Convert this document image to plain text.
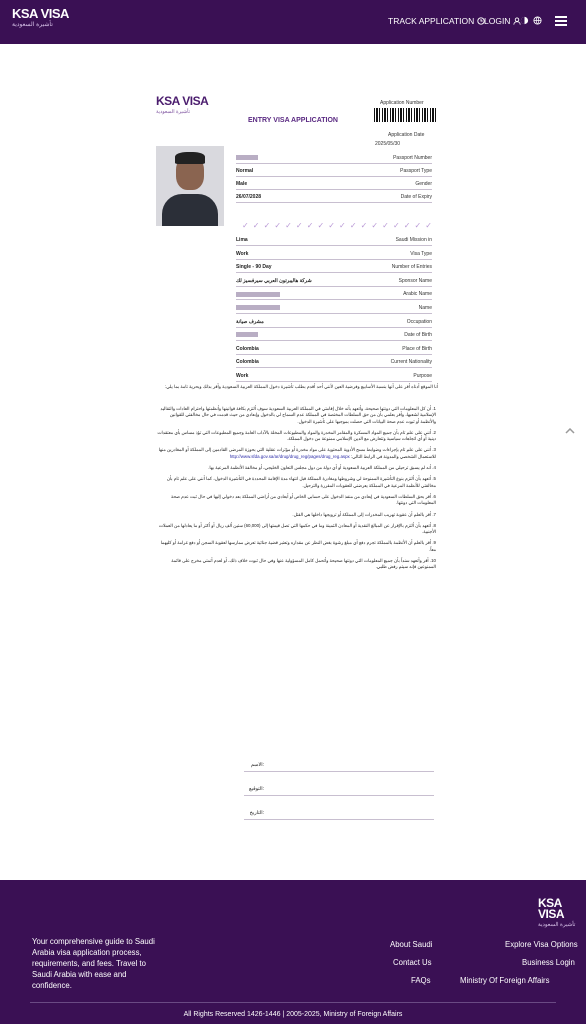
KSA VISA
تأشيرة السعودية	TRACK APPLICATION LOGIN
KSA VISA
تأشيرة السعودية
ENTRY VISA APPLICATION
Application Number
Application Date
2025/05/30
Passport Number
Normal	Passport Type
Male	Gender
26/07/2028	Date of Expiry
✓ ✓ ✓ ✓ ✓ ✓ ✓ ✓ ✓ ✓ ✓ ✓ ✓ ✓ ✓ ✓ ✓ ✓
Lima	Saudi Mission in
Work	Visa Type
Single - 90 Day	Number of Entries
شركة هاليبرتون العربي سيرفسيز لك	Sponsor Name
Arabic Name
Name
مشرف صيانة	Occupation
Date of Birth
Colombia	Place of Birth
Colombia	Current Nationality
Work	Purpose
أنا الموقع أدناه أقر على أنها بنسبة الأسابيع وفرضية العين لأنني أحد أقدم بطلب تأشيرة دخول المملكة العربية السعودية وأقر بذلك وبحرية تامة بما يلي:
1. أن كل المعلومات التي دونتها صحيحة، وأتعهد بأنه خلال إقامتي في المملكة العربية السعودية سوف ألتزم بكافة قوانينها وأنظمتها واحترام العادات والتقاليد الإسلامية لشعبها، وأقر بعلمي بأن من حق السلطات المختصة في المملكة عدم السماح لي بالدخول وإبعادي من حيث قدمت في حال مخالفتي للقوانين والأنظمة أو ثبوت عدم صحة البيانات التي حصلت بموجبها على تأشيرة الدخول.
2. أنني على علم تام بأن جميع المواد المسكرة والمقامر المخدرة والمواد والمطبوعات المخلة بالآداب العامة وجميع المطبوعات التي تؤذ مساس بأي معتقدات دينية أو أي اتجاهات سياسية وتتعارض مع الدين الإسلامي ممنوعة من دخول المملكة.
3. أنني على علم تام بإجراءات وضوابط مسح الأدوية المحتوية على مواد مخدرة أو مؤثرات عقلية التي بحوزة المرضى القادمين إلى المملكة أو المغادرين منها للاستعمال الشخصي والمدونة في الرابط التالي: http://www.sfda.gov.sa/ar/drug/drug_reg/pages/drug_reg.aspx
4. أنه لم يسبق ترحيلي من المملكة العربية السعودية أو أي دولة من دول مجلس التعاون الخليجي، أو مخالفة الأنظمة المرعية بها.
5. أتعهد بأن ألتزم بنوع التأشيرة الممنوحة لي وشروطها ومغادرة المملكة قبل انتهاء مدة الإقامة المحددة في التأشيرة الدخول، كما أنني على علم تام بأن مخالفتي للأنظمة المرعية في المملكة يعرضني للعقوبات المقررة والترحيل.
6. أقر بحق السلطات السعودية في إبعادي من منفذ الدخول على حسابي الخاص أو أبعادي من أراضي المملكة بعد دخولي إليها في حال ثبت عدم صحة المعلومات التي دونتها.
7. أقر بالعلم أن عقوبة تهريب المخدرات إلى المملكة أو ترويجها داخلها هي القتل.
8. أتعهد بأن ألتزم بالإقرار عن المبالغ النقدية أو المعادن الثمينة وما في حكمها التي تصل قيمتها إلى (60,000) ستين ألف ريال أو أكثر أو ما يعادلها من العملات الأجنبية.
9. أقر بالعلم أن الأنظمة بالمملكة تجرم دفع أي مبلغ رشوة بغض النظر عن مقداره وتعتبر قضية جنائية تعرض ممارسها لعقوبة السجن أو دفع غرامة أو كليهما معاً.
10. أقر وأتعهد سنداً بأن جميع المعلومات التي دونتها صحيحة وأتحمل كامل المسؤولية عنها وفي حال ثبوت خلاف ذلك، أو لعدم أتمتي مخرج على قائمة الممنوعين فإنه سيتم رفض طلبي.
الاسم:
التوقيع:
التاريخ:
KSA VISA
تأشيرة السعودية
Your comprehensive guide to Saudi Arabia visa application process, requirements, and fees. Travel to Saudi Arabia with ease and confidence.
About Saudi
Contact Us
FAQs
Explore Visa Options
Business Login
Ministry Of Foreign Affairs
All Rights Reserved 1426-1446 | 2005-2025, Ministry of Foreign Affairs
